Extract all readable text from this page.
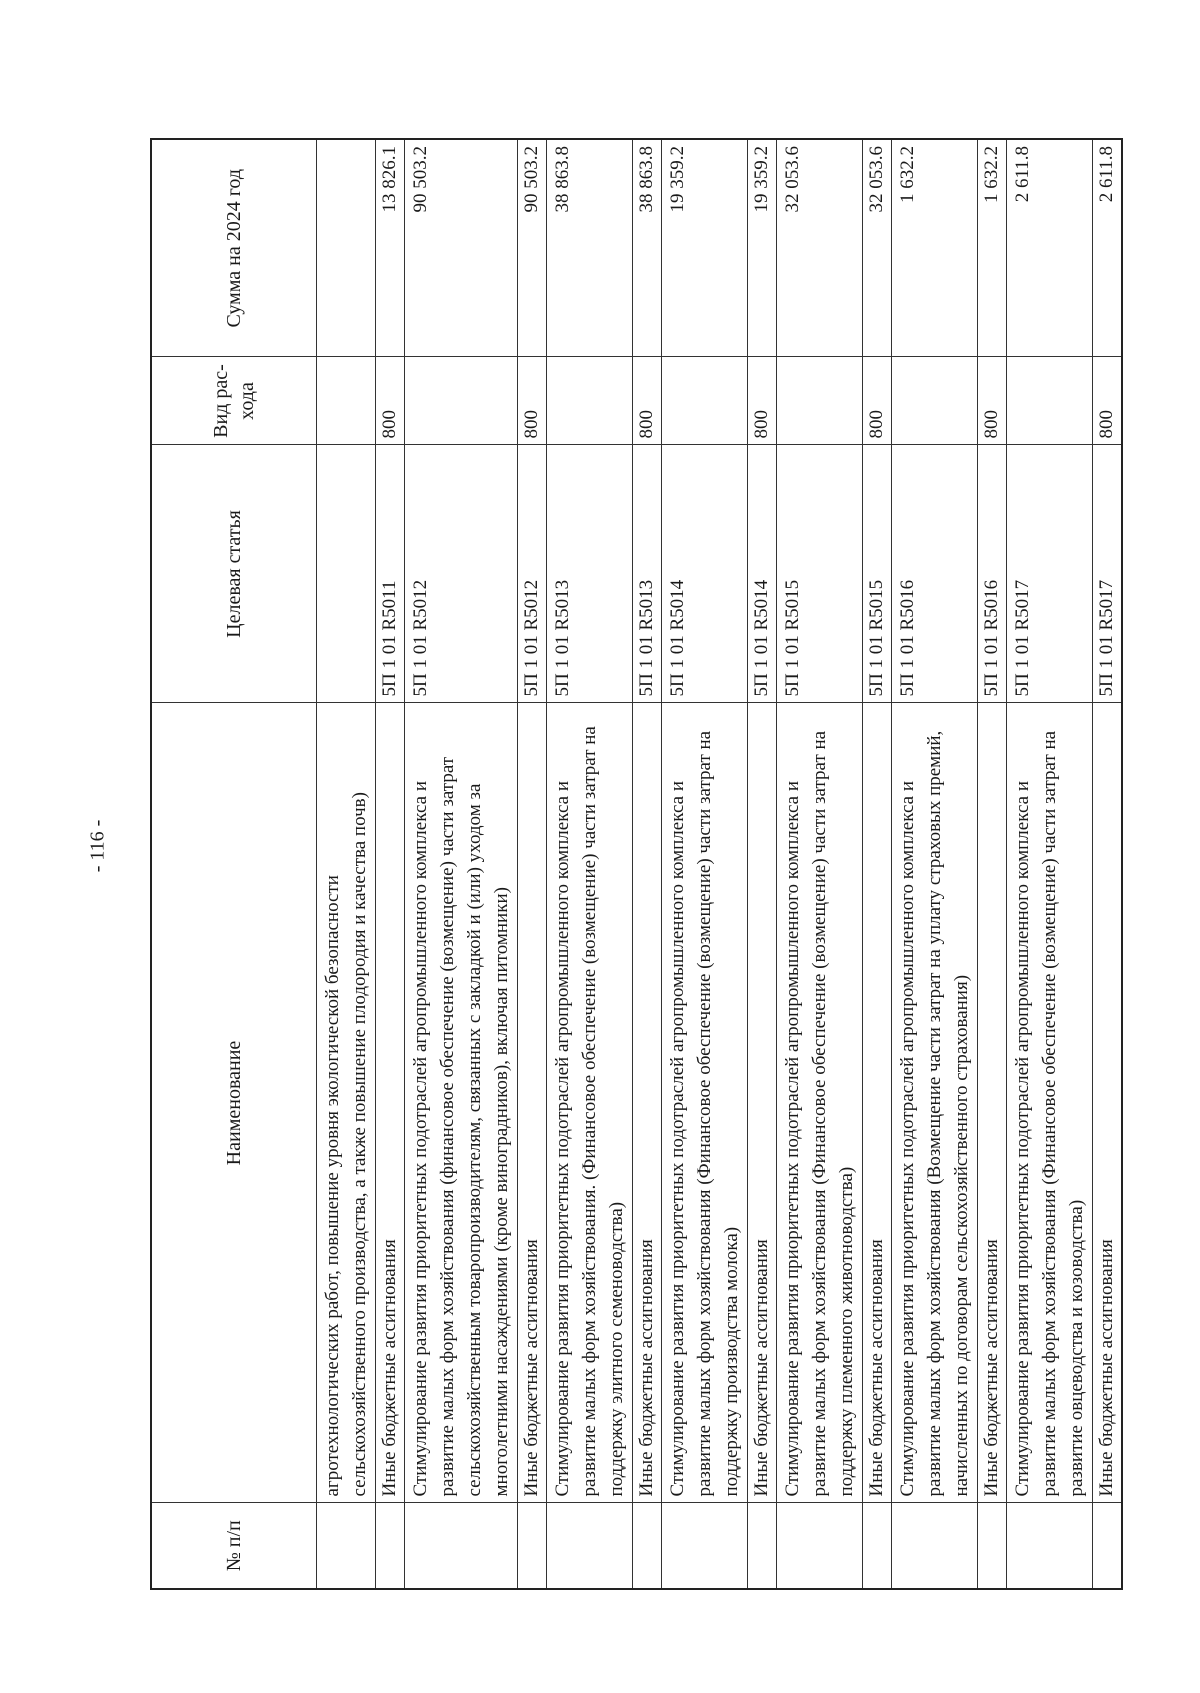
- 116 -
№ п/п	Наименование	Целевая статья	Вид рас-хода	Сумма на 2024 год
	агротехнологических работ, повышение уровня экологической безопасности сельскохозяйственного производства, а также повышение плодородия и качества почв)			
	Иные бюджетные ассигнования	5П 1 01 R5011	800	13 826.1
	Стимулирование развития приоритетных подотраслей агропромышленного комплекса и развитие малых форм хозяйствования (финансовое обеспечение (возмещение) части затрат сельскохозяйственным товаропроизводителям, связанных с закладкой и (или) уходом за многолетними насаждениями (кроме виноградников), включая питомники)	5П 1 01 R5012		90 503.2
	Иные бюджетные ассигнования	5П 1 01 R5012	800	90 503.2
	Стимулирование развития приоритетных подотраслей агропромышленного комплекса и развитие малых форм хозяйствования. (Финансовое обеспечение (возмещение) части затрат на поддержку элитного семеноводства)	5П 1 01 R5013		38 863.8
	Иные бюджетные ассигнования	5П 1 01 R5013	800	38 863.8
	Стимулирование развития приоритетных подотраслей агропромышленного комплекса и развитие малых форм хозяйствования (Финансовое обеспечение (возмещение) части затрат на поддержку производства молока)	5П 1 01 R5014		19 359.2
	Иные бюджетные ассигнования	5П 1 01 R5014	800	19 359.2
	Стимулирование развития приоритетных подотраслей агропромышленного комплекса и развитие малых форм хозяйствования (Финансовое обеспечение (возмещение) части затрат на поддержку племенного животноводства)	5П 1 01 R5015		32 053.6
	Иные бюджетные ассигнования	5П 1 01 R5015	800	32 053.6
	Стимулирование развития приоритетных подотраслей агропромышленного комплекса и развитие малых форм хозяйствования (Возмещение части затрат на уплату страховых премий, начисленных по договорам сельскохозяйственного страхования)	5П 1 01 R5016		1 632.2
	Иные бюджетные ассигнования	5П 1 01 R5016	800	1 632.2
	Стимулирование развития приоритетных подотраслей агропромышленного комплекса и развитие малых форм хозяйствования (Финансовое обеспечение (возмещение) части затрат на развитие овцеводства и козоводства)	5П 1 01 R5017		2 611.8
	Иные бюджетные ассигнования	5П 1 01 R5017	800	2 611.8
